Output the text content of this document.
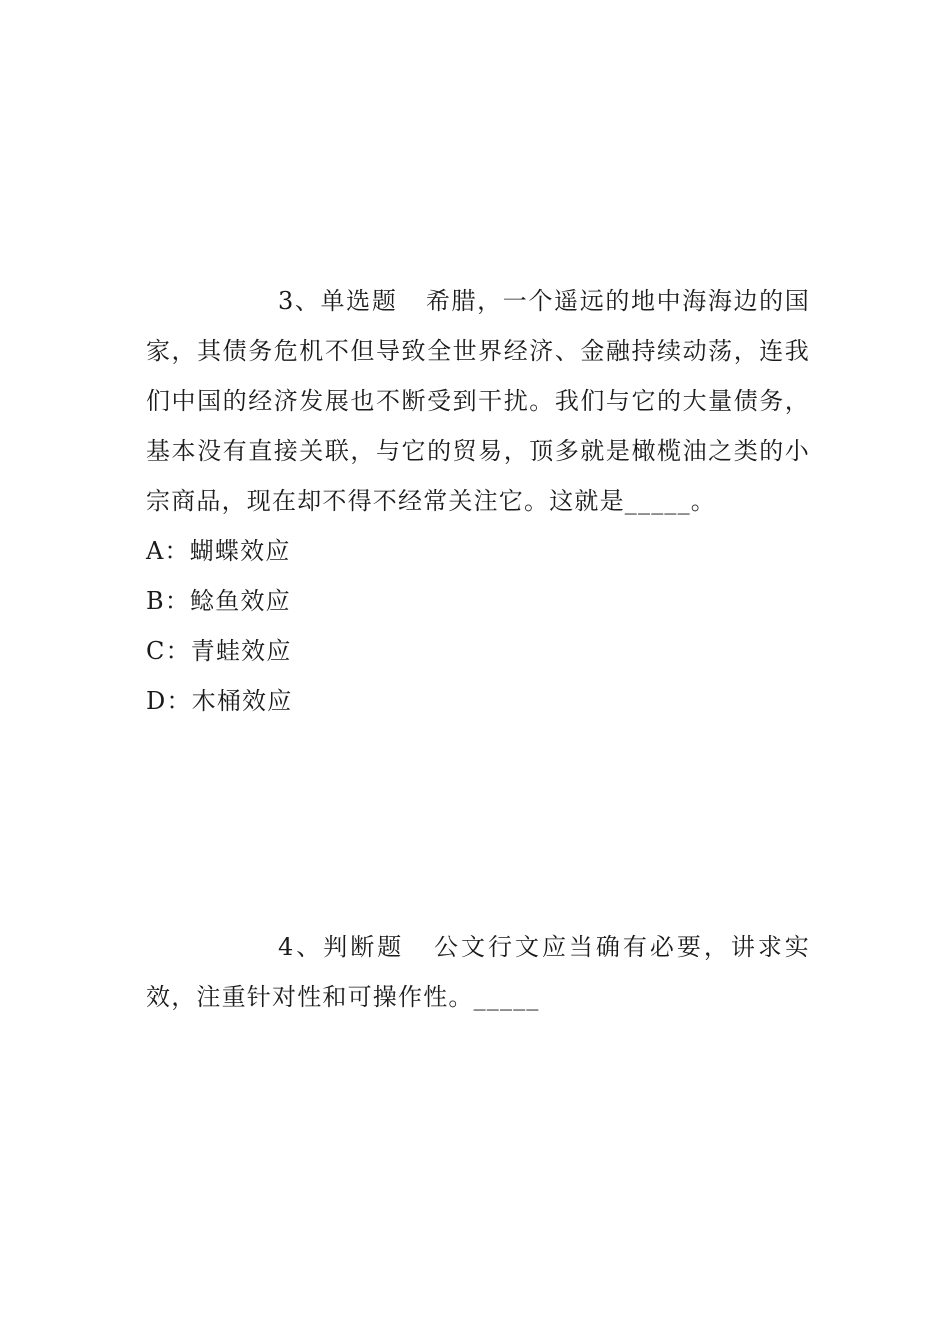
3、单选题 希腊，一个遥远的地中海海边的国家，其债务危机不但导致全世界经济、金融持续动荡，连我们中国的经济发展也不断受到干扰。我们与它的大量债务，基本没有直接关联，与它的贸易，顶多就是橄榄油之类的小宗商品，现在却不得不经常关注它。这就是_____。

A：蝴蝶效应
B：鲶鱼效应
C：青蛙效应
D：木桶效应

4、判断题 公文行文应当确有必要，讲求实效，注重针对性和可操作性。_____
